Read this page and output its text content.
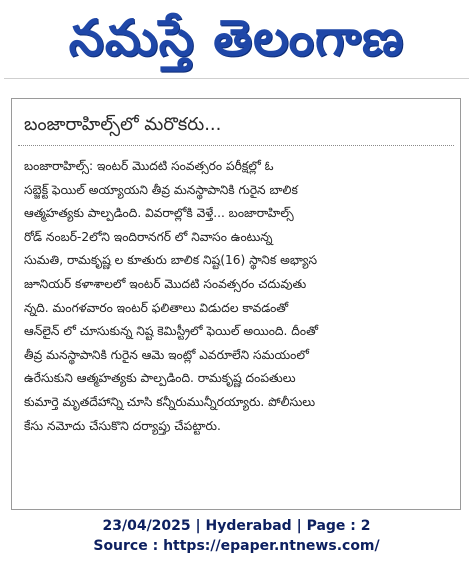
నమస్తే తెలంగాణ
బంజారాహిల్స్‌లో మరొకరు...
బంజారాహిల్స్‌: ఇంటర్‌ మొదటి సంవత్సరం పరీక్షల్లో ఓ
సబ్జెక్ట్‌ ఫెయిల్‌ అయ్యాయని తీవ్ర మనస్థాపానికి గురైన బాలిక
ఆత్మహత్యకు పాల్పడింది. వివరాల్లోకి వెళ్తే... బంజారాహిల్స్‌
రోడ్‌ నంబర్‌-2లోని ఇందిరానగర్‌ లో నివాసం ఉంటున్న
సుమతి, రామకృష్ణ ల కూతురు బాలిక నిష్ట(16) స్థానిక అభ్యాస
జూనియర్‌ కళాశాలలో ఇంటర్‌ మొదటి సంవత్సరం చదువుతు
న్నది. మంగళవారం ఇంటర్‌ ఫలితాలు విడుదల కావడంతో
ఆన్‌లైన్‌ లో చూసుకున్న నిష్ట కెమిస్ట్రీలో ఫెయిల్‌ అయింది. దీంతో
తీవ్ర మనస్థాపానికి గురైన ఆమె ఇంట్లో ఎవరూలేని సమయంలో
ఉరేసుకుని ఆత్మహత్యకు పాల్పడింది. రామకృష్ణ దంపతులు
కుమార్తె మృతదేహాన్ని చూసి కన్నీరుమున్నీరయ్యారు. పోలీసులు
కేసు నమోదు చేసుకొని దర్యాప్తు చేపట్టారు.
23/04/2025 | Hyderabad | Page : 2
Source : https://epaper.ntnews.com/
